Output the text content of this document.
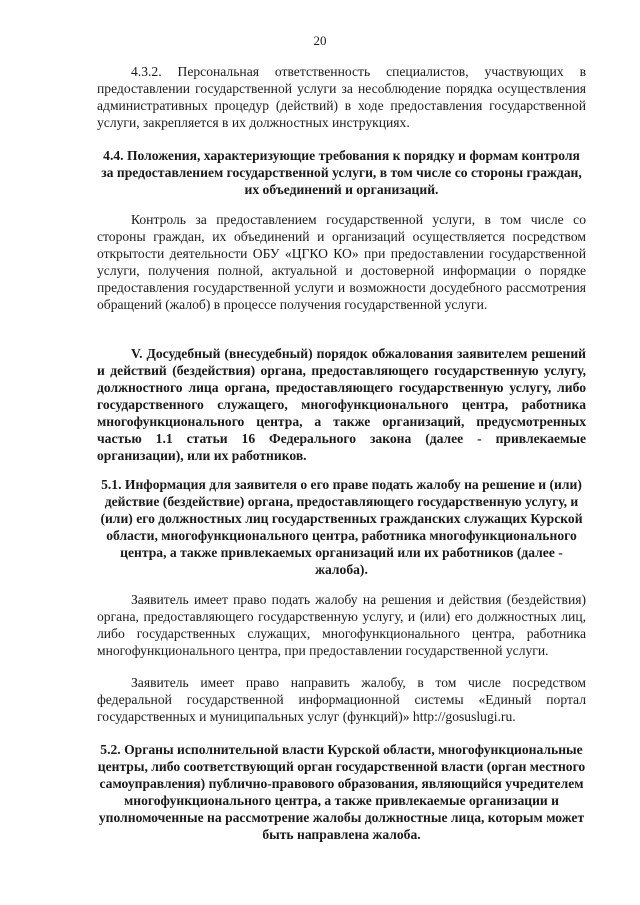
20

4.3.2. Персональная ответственность специалистов, участвующих в предоставлении государственной услуги за несоблюдение порядка осуществления административных процедур (действий) в ходе предоставления государственной услуги, закрепляется в их должностных инструкциях.

4.4. Положения, характеризующие требования к порядку и формам контроля за предоставлением государственной услуги, в том числе со стороны граждан, их объединений и организаций.

Контроль за предоставлением государственной услуги, в том числе со стороны граждан, их объединений и организаций осуществляется посредством открытости деятельности ОБУ «ЦГКО КО» при предоставлении государственной услуги, получения полной, актуальной и достоверной информации о порядке предоставления государственной услуги и возможности досудебного рассмотрения обращений (жалоб) в процессе получения государственной услуги.

V. Досудебный (внесудебный) порядок обжалования заявителем решений и действий (бездействия) органа, предоставляющего государственную услугу, должностного лица органа, предоставляющего государственную услугу, либо государственного служащего, многофункционального центра, работника многофункционального центра, а также организаций, предусмотренных частью 1.1 статьи 16 Федерального закона (далее - привлекаемые организации), или их работников.

5.1. Информация для заявителя о его праве подать жалобу на решение и (или) действие (бездействие) органа, предоставляющего государственную услугу, и (или) его должностных лиц государственных гражданских служащих Курской области, многофункционального центра, работника многофункционального центра, а также привлекаемых организаций или их работников (далее - жалоба).

Заявитель имеет право подать жалобу на решения и действия (бездействия) органа, предоставляющего государственную услугу, и (или) его должностных лиц, либо государственных служащих, многофункционального центра, работника многофункционального центра, при предоставлении государственной услуги.

Заявитель имеет право направить жалобу, в том числе посредством федеральной государственной информационной системы «Единый портал государственных и муниципальных услуг (функций)» http://gosuslugi.ru.

5.2. Органы исполнительной власти Курской области, многофункциональные центры, либо соответствующий орган государственной власти (орган местного самоуправления) публично-правового образования, являющийся учредителем многофункционального центра, а также привлекаемые организации и уполномоченные на рассмотрение жалобы должностные лица, которым может быть направлена жалоба.
